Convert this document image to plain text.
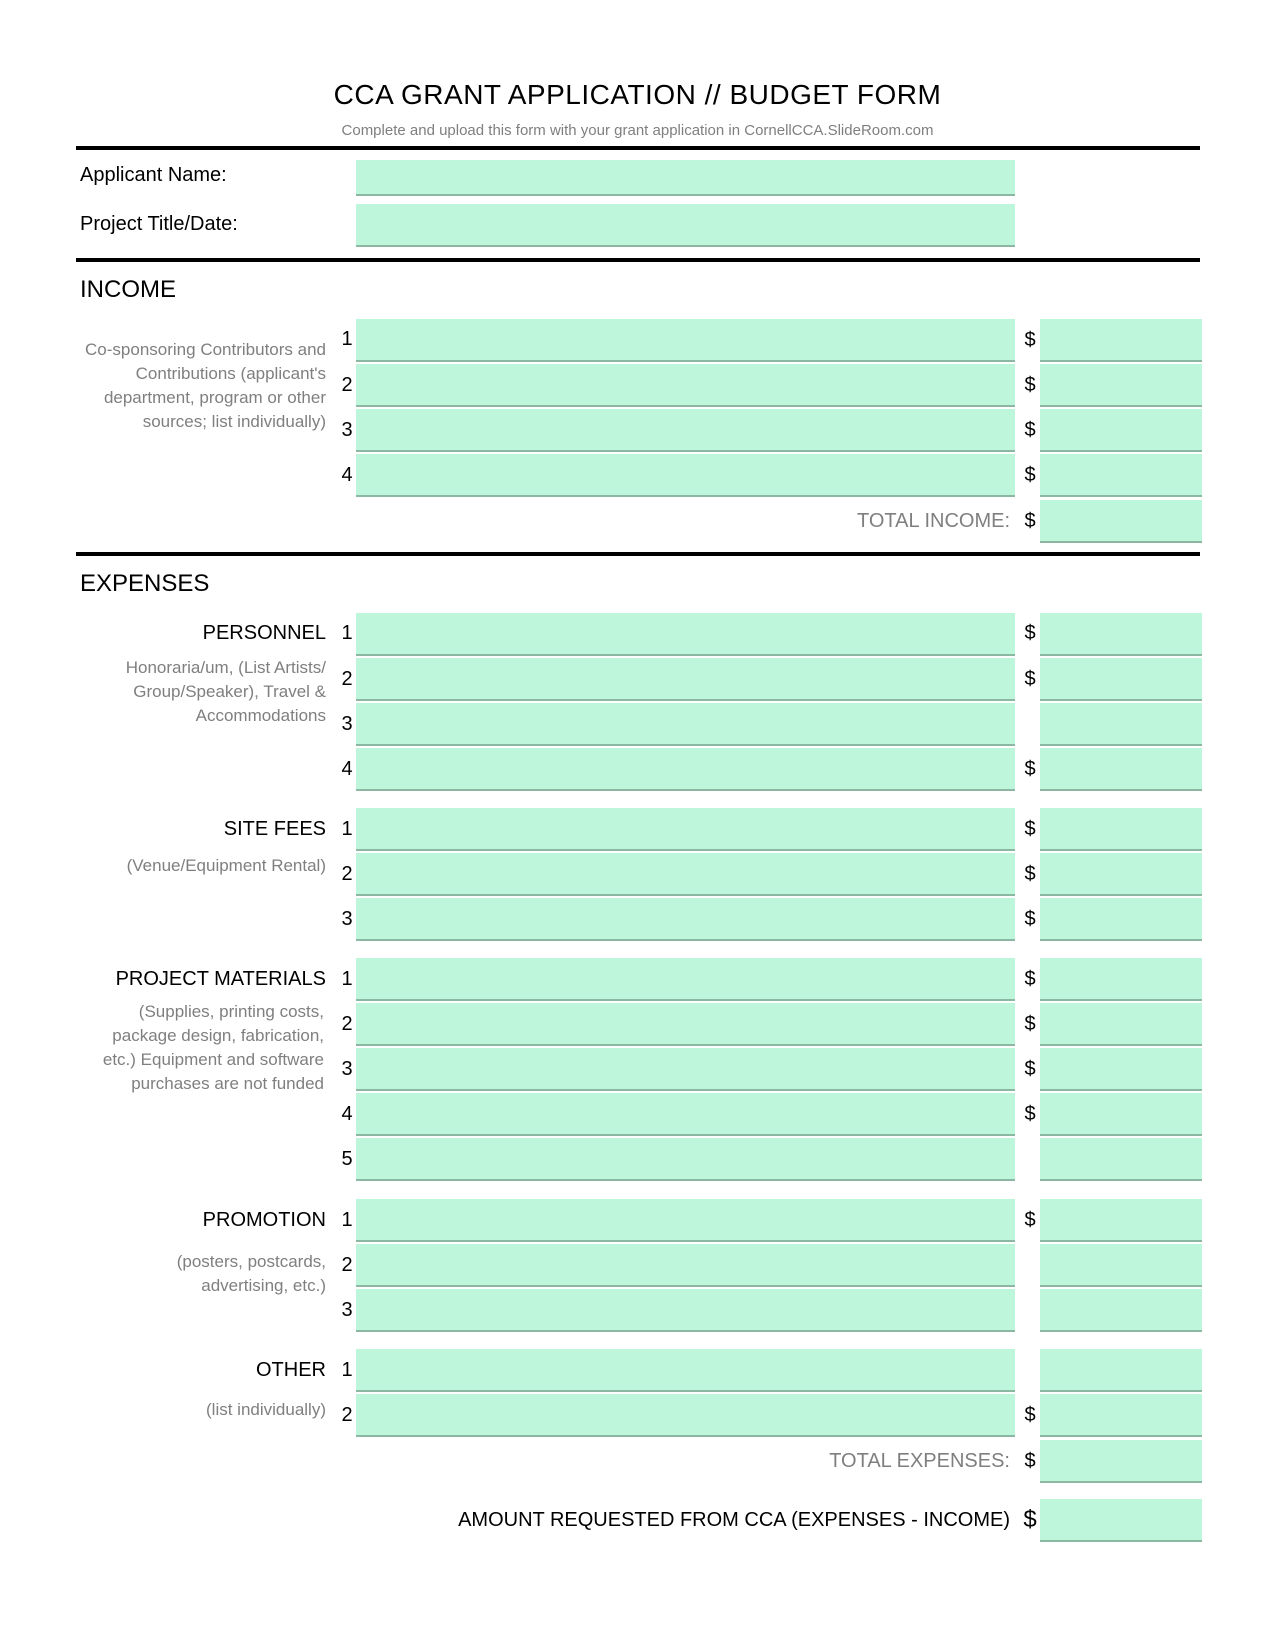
CCA GRANT APPLICATION // BUDGET FORM
Complete and upload this form with your grant application in CornellCCA.SlideRoom.com
Applicant Name:
Project Title/Date:
INCOME
Co-sponsoring Contributors and Contributions (applicant's department, program or other sources; list individually)
1	$
2	$
3	$
4	$
TOTAL INCOME: $
EXPENSES
PERSONNEL
Honoraria/um, (List Artists/ Group/Speaker), Travel & Accommodations
1	$
2	$
3
4	$
SITE FEES
(Venue/Equipment Rental)
1	$
2	$
3	$
PROJECT MATERIALS
(Supplies, printing costs, package design, fabrication, etc.) Equipment and software purchases are not funded
1	$
2	$
3	$
4	$
5
PROMOTION
(posters, postcards, advertising, etc.)
1	$
2
3
OTHER
(list individually)
1
2	$
TOTAL EXPENSES: $
AMOUNT REQUESTED FROM CCA (EXPENSES - INCOME) $
